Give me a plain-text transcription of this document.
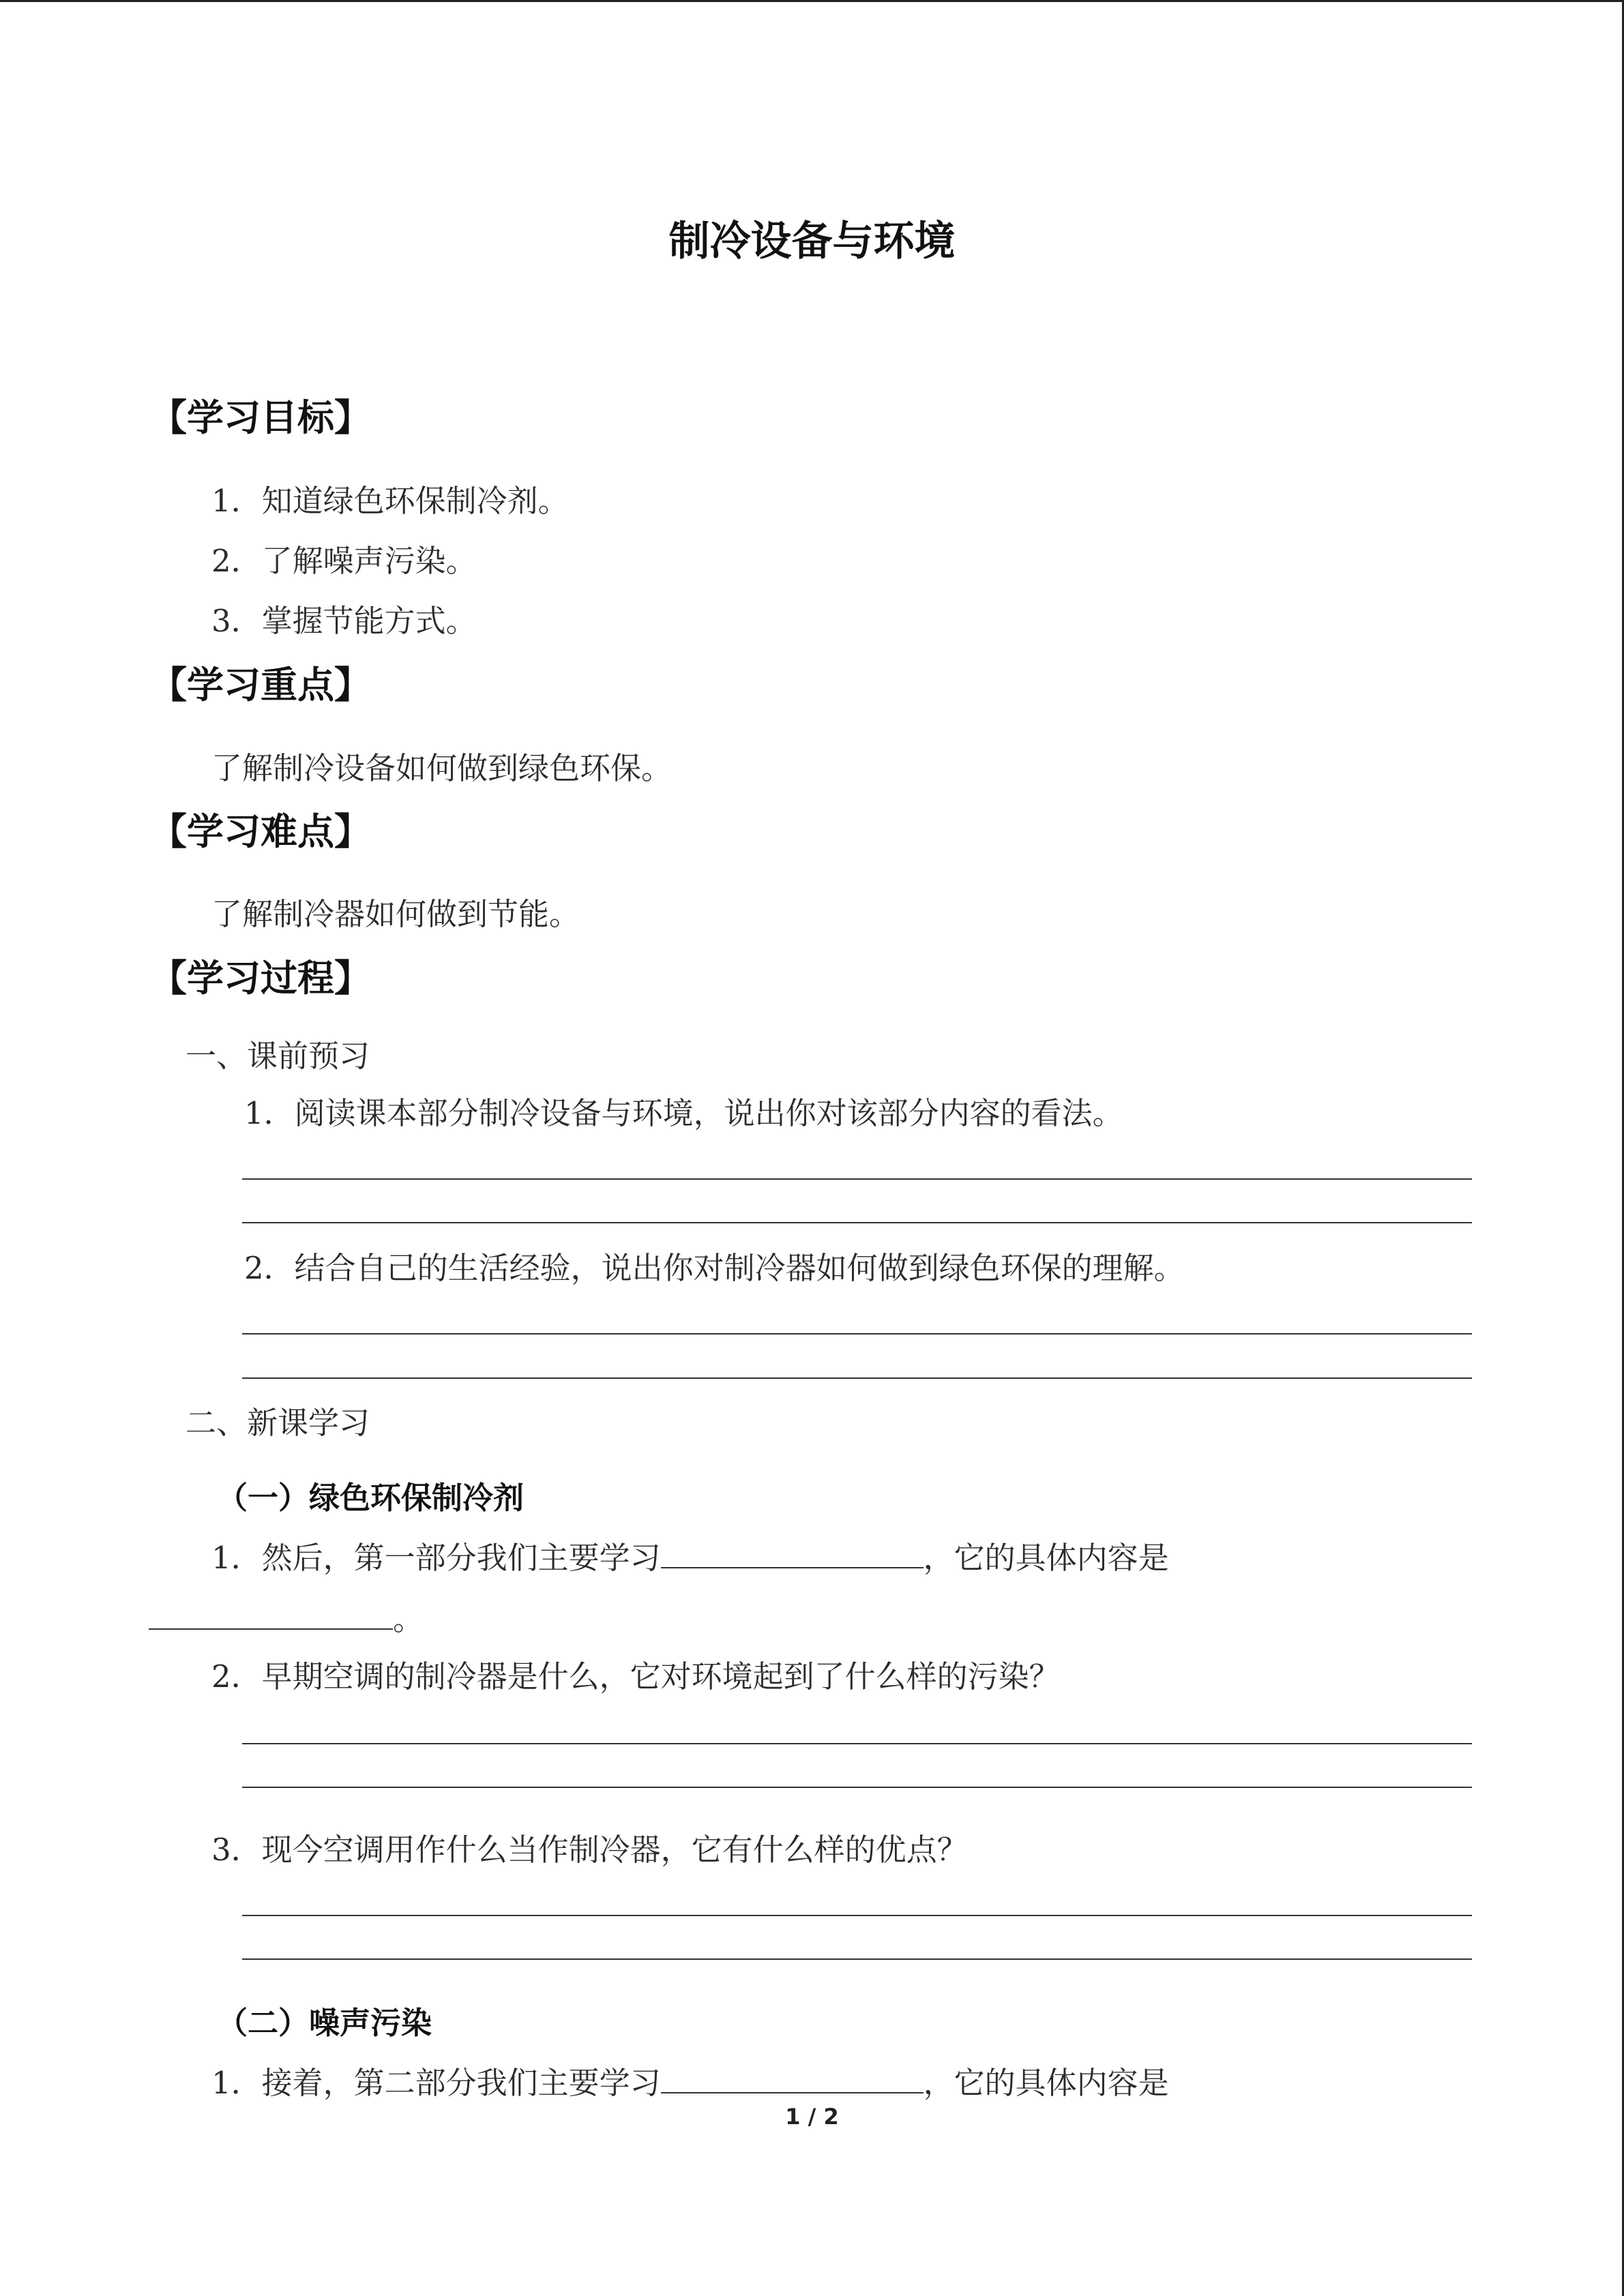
制冷设备与环境

【学习目标】

1．知道绿色环保制冷剂。

2．了解噪声污染。

3．掌握节能方式。

【学习重点】

了解制冷设备如何做到绿色环保。

【学习难点】

了解制冷器如何做到节能。

【学习过程】

一、课前预习

1．阅读课本部分制冷设备与环境，说出你对该部分内容的看法。

2．结合自己的生活经验，说出你对制冷器如何做到绿色环保的理解。

二、新课学习

（一）绿色环保制冷剂

1．然后，第一部分我们主要学习	，它的具体内容是

。

2．早期空调的制冷器是什么，它对环境起到了什么样的污染？

3．现今空调用作什么当作制冷器，它有什么样的优点？

（二）噪声污染

1．接着，第二部分我们主要学习	，它的具体内容是

1 / 2
